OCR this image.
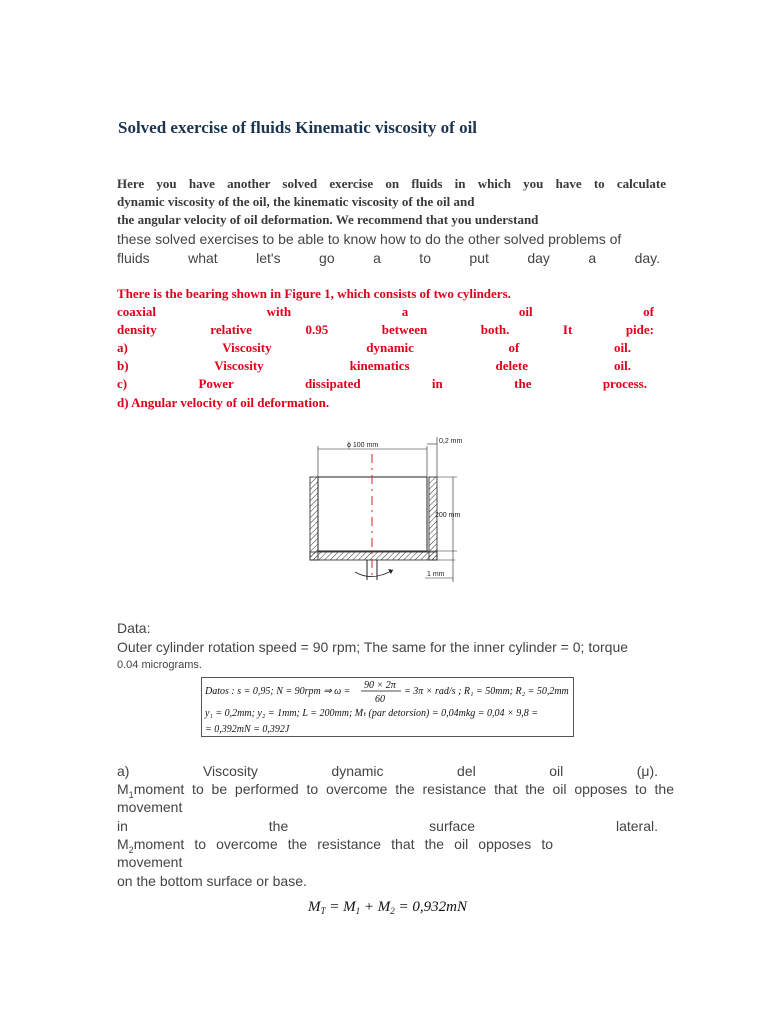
Solved exercise of fluids Kinematic viscosity of oil
Here you have another solved exercise on fluids in which you have to calculate
dynamic viscosity of the oil, the kinematic viscosity of the oil and
the angular velocity of oil deformation. We recommend that you understand
these solved exercises to be able to know how to do the other solved problems of
fluids what let's go a to put day a day.
There is the bearing shown in Figure 1, which consists of two cylinders.
coaxial with a oil of
density relative 0.95 between both. It pide:
a) Viscosity dynamic of oil.
b) Viscosity kinematics delete oil.
c) Power dissipated in the process.
d) Angular velocity of oil deformation.
ϕ 100 mm
0,2 mm
200 mm
1 mm
Data:
Outer cylinder rotation speed = 90 rpm; The same for the inner cylinder = 0; torque
0.04 micrograms.
Datos : s = 0,95; N = 90rpm ⇒ ω =
90 × 2π
60
= 3π × rad/s ; R₁ = 50mm; R₂ = 50,2mm
y₁ = 0,2mm; y₂ = 1mm; L = 200mm; Mₜ (par detorsion) = 0,04mkg = 0,04 × 9,8 =
= 0,392mN = 0,392J
a) Viscosity dynamic del oil (μ).
$M_1moment$ to be performed to overcome the resistance that the oil opposes to the
movement
in the surface lateral.
$M_2moment$ to overcome the resistance that the oil opposes to
movement
on the bottom surface or base.
$M_T = M_1 + M_2 = 0,932mN$
